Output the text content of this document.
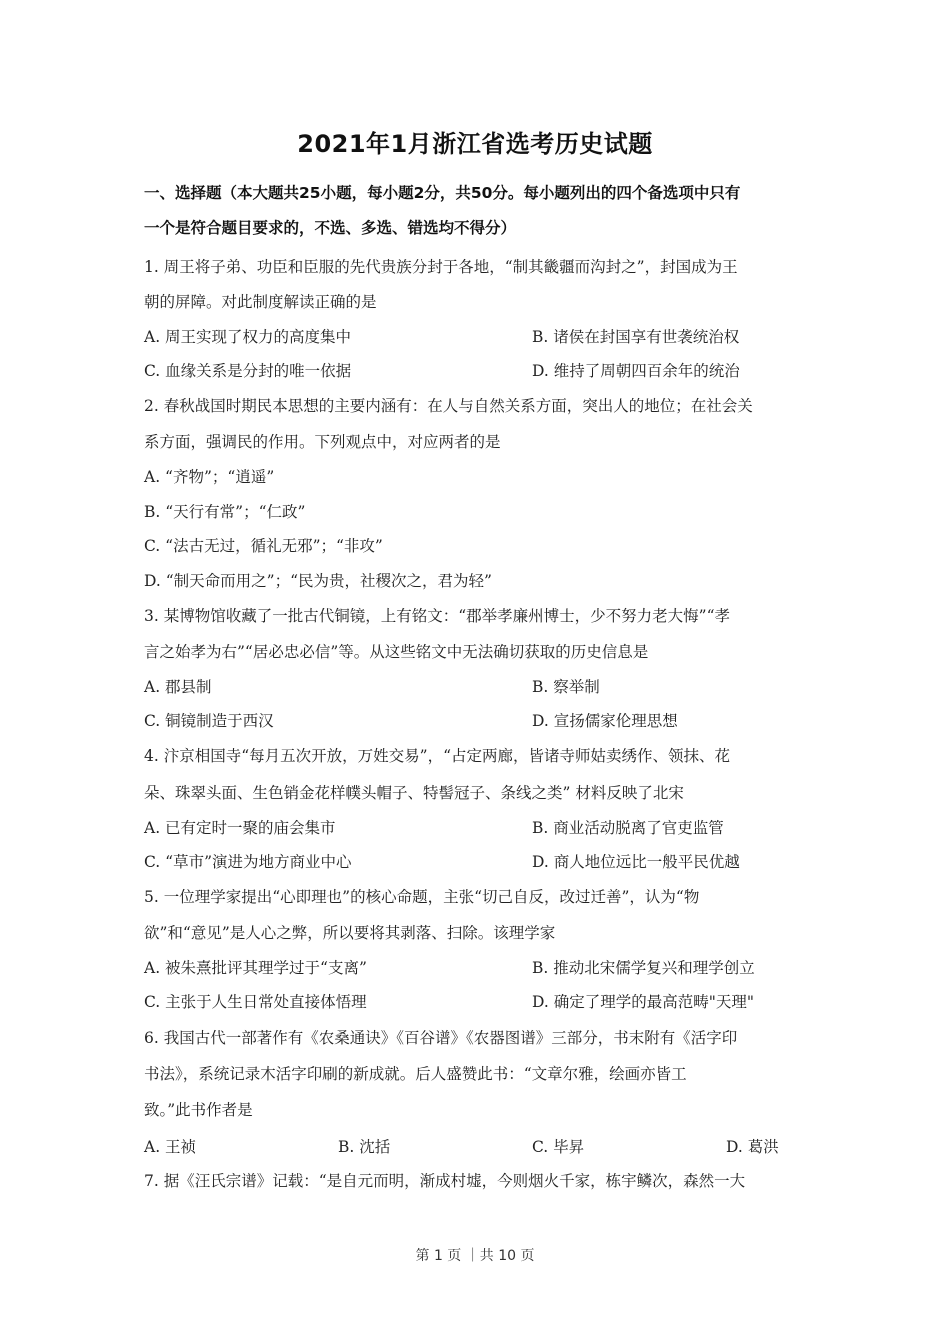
2021年1月浙江省选考历史试题
一、选择题（本大题共25小题，每小题2分，共50分。每小题列出的四个备选项中只有
一个是符合题目要求的，不选、多选、错选均不得分）
1. 周王将子弟、功臣和臣服的先代贵族分封于各地，“制其畿疆而沟封之”，封国成为王
朝的屏障。对此制度解读正确的是
A. 周王实现了权力的高度集中	B. 诸侯在封国享有世袭统治权
C. 血缘关系是分封的唯一依据	D. 维持了周朝四百余年的统治
2. 春秋战国时期民本思想的主要内涵有：在人与自然关系方面，突出人的地位；在社会关
系方面，强调民的作用。下列观点中，对应两者的是
A. “齐物”；“逍遥”
B. “天行有常”；“仁政”
C. “法古无过，循礼无邪”；“非攻”
D. “制天命而用之”；“民为贵，社稷次之，君为轻”
3. 某博物馆收藏了一批古代铜镜，上有铭文：“郡举孝廉州博士，少不努力老大悔”“孝
言之始孝为右”“居必忠必信”等。从这些铭文中无法确切获取的历史信息是
A. 郡县制	B. 察举制
C. 铜镜制造于西汉	D. 宣扬儒家伦理思想
4. 汴京相国寺“每月五次开放，万姓交易”，“占定两廊，皆诸寺师姑卖绣作、领抹、花
朵、珠翠头面、生色销金花样幞头帽子、特髻冠子、条线之类” 材料反映了北宋
A. 已有定时一聚的庙会集市	B. 商业活动脱离了官吏监管
C. “草市”演进为地方商业中心	D. 商人地位远比一般平民优越
5. 一位理学家提出“心即理也”的核心命题，主张“切己自反，改过迁善”，认为“物
欲”和“意见”是人心之弊，所以要将其剥落、扫除。该理学家
A. 被朱熹批评其理学过于“支离”	B. 推动北宋儒学复兴和理学创立
C. 主张于人生日常处直接体悟理	D. 确定了理学的最高范畴"天理"
6. 我国古代一部著作有《农桑通诀》《百谷谱》《农器图谱》三部分，书末附有《活字印
书法》，系统记录木活字印刷的新成就。后人盛赞此书：“文章尔雅，绘画亦皆工
致。”此书作者是
A. 王祯	B. 沈括	C. 毕昇	D. 葛洪
7. 据《汪氏宗谱》记载：“是自元而明，渐成村墟，今则烟火千家，栋宇鳞次，森然一大
第 1 页 ｜共 10 页
